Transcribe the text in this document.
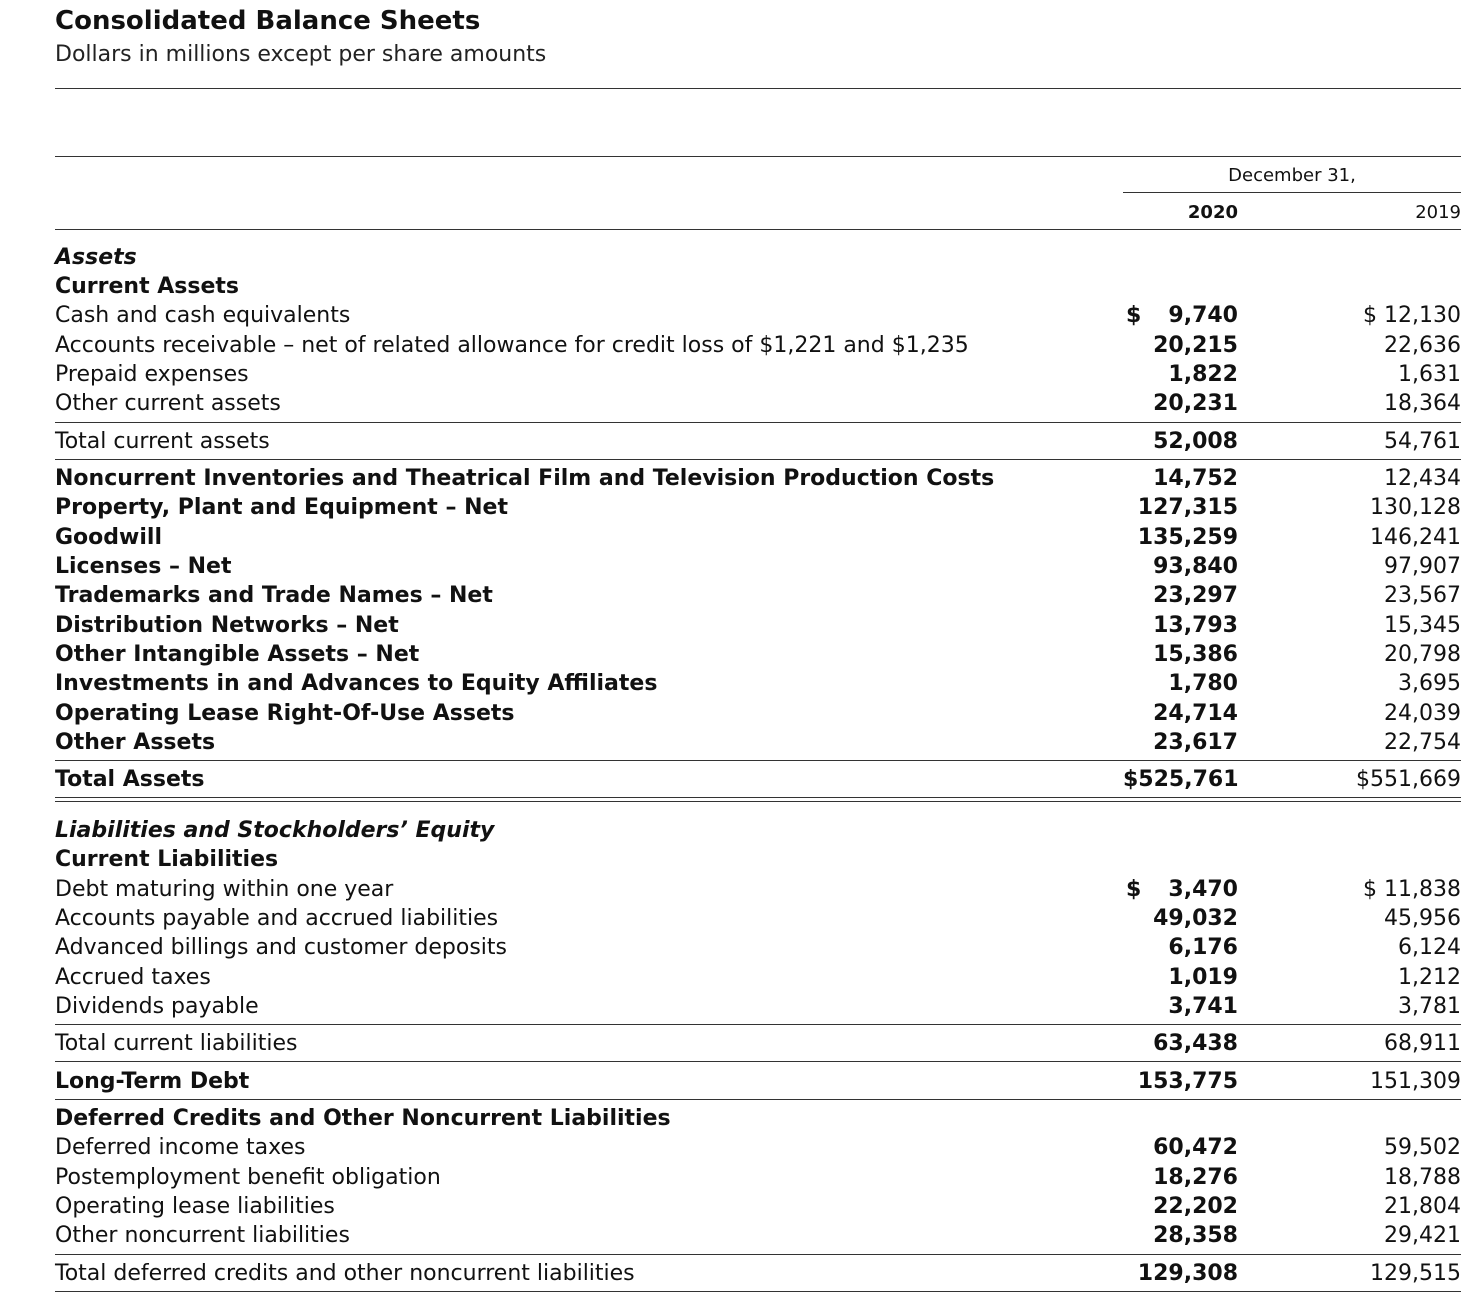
Consolidated Balance Sheets
Dollars in millions except per share amounts
December 31,
2020	2019
Assets
Current Assets
Cash and cash equivalents	$	9,740	$ 12,130
Accounts receivable – net of related allowance for credit loss of $1,221 and $1,235	20,215	22,636
Prepaid expenses	1,822	1,631
Other current assets	20,231	18,364
Total current assets	52,008	54,761
Noncurrent Inventories and Theatrical Film and Television Production Costs	14,752	12,434
Property, Plant and Equipment – Net	127,315	130,128
Goodwill	135,259	146,241
Licenses – Net	93,840	97,907
Trademarks and Trade Names – Net	23,297	23,567
Distribution Networks – Net	13,793	15,345
Other Intangible Assets – Net	15,386	20,798
Investments in and Advances to Equity Affiliates	1,780	3,695
Operating Lease Right-Of-Use Assets	24,714	24,039
Other Assets	23,617	22,754
Total Assets	$525,761	$551,669
Liabilities and Stockholders’ Equity
Current Liabilities
Debt maturing within one year	$	3,470	$ 11,838
Accounts payable and accrued liabilities	49,032	45,956
Advanced billings and customer deposits	6,176	6,124
Accrued taxes	1,019	1,212
Dividends payable	3,741	3,781
Total current liabilities	63,438	68,911
Long-Term Debt	153,775	151,309
Deferred Credits and Other Noncurrent Liabilities
Deferred income taxes	60,472	59,502
Postemployment benefit obligation	18,276	18,788
Operating lease liabilities	22,202	21,804
Other noncurrent liabilities	28,358	29,421
Total deferred credits and other noncurrent liabilities	129,308	129,515
